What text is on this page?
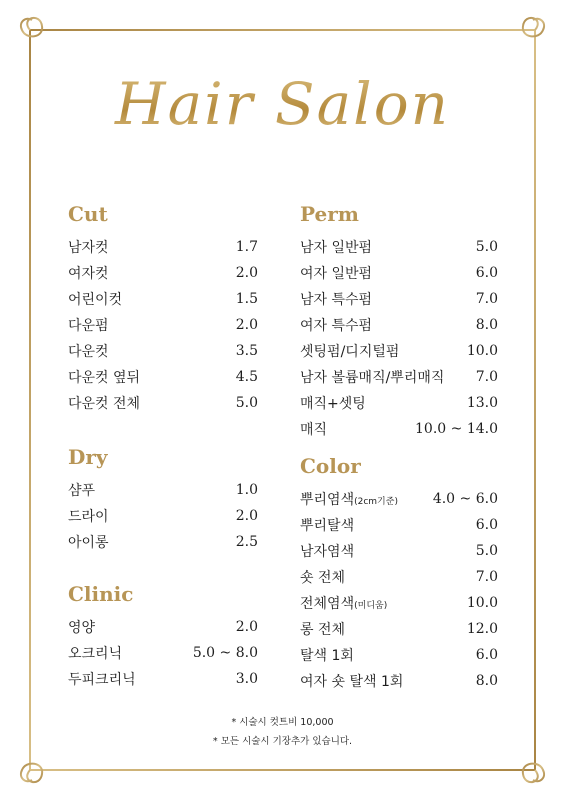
Hair Salon
Cut
남자컷	1.7
여자컷	2.0
어린이컷	1.5
다운펌	2.0
다운컷	3.5
다운컷 옆뒤	4.5
다운컷 전체	5.0
Dry
샴푸	1.0
드라이	2.0
아이롱	2.5
Clinic
영양	2.0
오크리닉	5.0 ~ 8.0
두피크리닉	3.0
Perm
남자 일반펌	5.0
여자 일반펌	6.0
남자 특수펌	7.0
여자 특수펌	8.0
셋팅펌/디지털펌	10.0
남자 볼륨매직/뿌리매직 7.0
매직+셋팅	13.0
매직	10.0 ~ 14.0
Color
뿌리염색(2cm기준) 4.0 ~ 6.0
뿌리탈색	6.0
남자염색	5.0
숏 전체	7.0
전체염색(미디움)	10.0
롱 전체	12.0
탈색 1회	6.0
여자 숏 탈색 1회	8.0
* 시술시 컷트비 10,000
* 모든 시술시 기장추가 있습니다.
